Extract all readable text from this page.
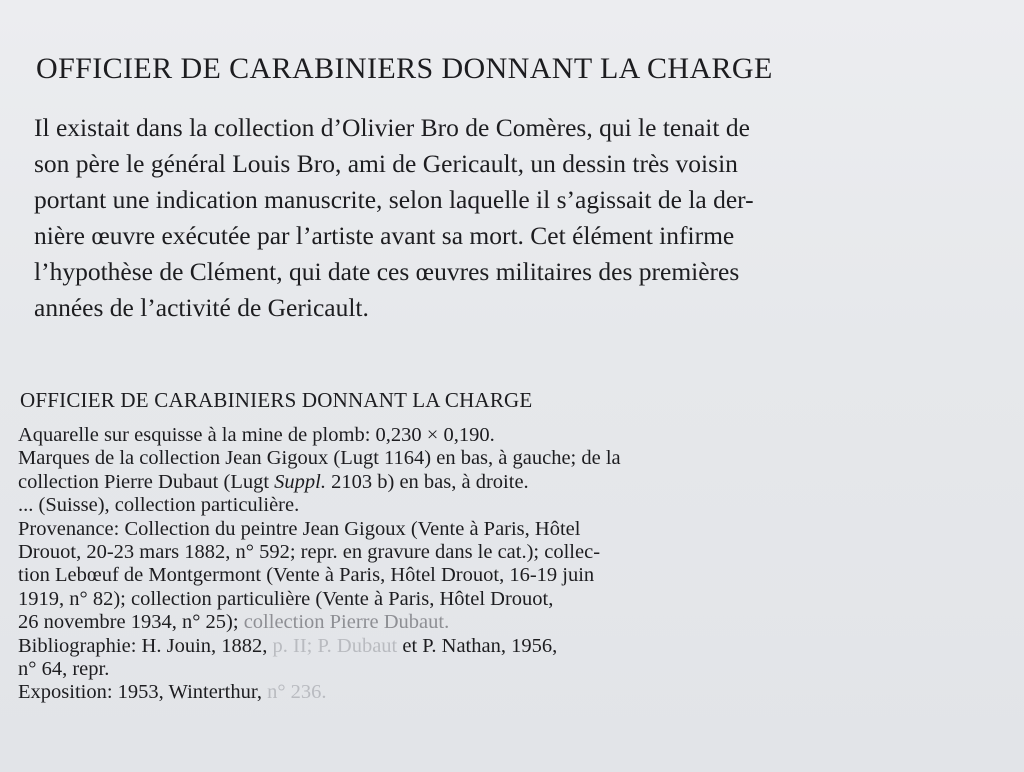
OFFICIER DE CARABINIERS DONNANT LA CHARGE
Il existait dans la collection d’Olivier Bro de Comères, qui le tenait de
son père le général Louis Bro, ami de Gericault, un dessin très voisin
portant une indication manuscrite, selon laquelle il s’agissait de la der-
nière œuvre exécutée par l’artiste avant sa mort. Cet élément infirme
l’hypothèse de Clément, qui date ces œuvres militaires des premières
années de l’activité de Gericault.
OFFICIER DE CARABINIERS DONNANT LA CHARGE
Aquarelle sur esquisse à la mine de plomb: 0,230 × 0,190.
Marques de la collection Jean Gigoux (Lugt 1164) en bas, à gauche; de la
collection Pierre Dubaut (Lugt Suppl. 2103 b) en bas, à droite.
... (Suisse), collection particulière.
Provenance: Collection du peintre Jean Gigoux (Vente à Paris, Hôtel
Drouot, 20-23 mars 1882, n° 592; repr. en gravure dans le cat.); collec-
tion Lebœuf de Montgermont (Vente à Paris, Hôtel Drouot, 16-19 juin
1919, n° 82); collection particulière (Vente à Paris, Hôtel Drouot,
26 novembre 1934, n° 25); collection Pierre Dubaut.
Bibliographie: H. Jouin, 1882, p. II; P. Dubaut et P. Nathan, 1956,
n° 64, repr.
Exposition: 1953, Winterthur, n° 236.
